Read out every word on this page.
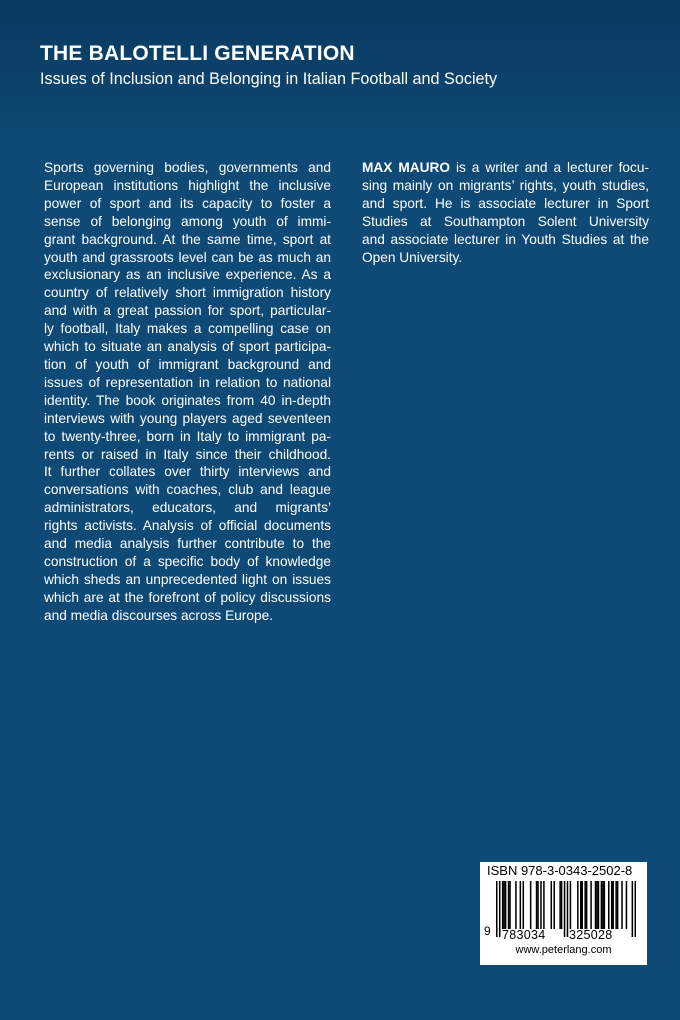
THE BALOTELLI GENERATION
Issues of Inclusion and Belonging in Italian Football and Society
Sports governing bodies, governments and
European institutions highlight the inclusive
power of sport and its capacity to foster a
sense of belonging among youth of immi-
grant background. At the same time, sport at
youth and grassroots level can be as much an
exclusionary as an inclusive experience. As a
country of relatively short immigration history
and with a great passion for sport, particular-
ly football, Italy makes a compelling case on
which to situate an analysis of sport participa-
tion of youth of immigrant background and
issues of representation in relation to national
identity. The book originates from 40 in-depth
interviews with young players aged seventeen
to twenty-three, born in Italy to immigrant pa-
rents or raised in Italy since their childhood.
It further collates over thirty interviews and
conversations with coaches, club and league
administrators, educators, and migrants’
rights activists. Analysis of official documents
and media analysis further contribute to the
construction of a specific body of knowledge
which sheds an unprecedented light on issues
which are at the forefront of policy discussions
and media discourses across Europe.
MAX MAURO is a writer and a lecturer focu-
sing mainly on migrants’ rights, youth studies,
and sport. He is associate lecturer in Sport
Studies at Southampton Solent University
and associate lecturer in Youth Studies at the
Open University.
ISBN 978-3-0343-2502-8
9 783034 325028
www.peterlang.com
